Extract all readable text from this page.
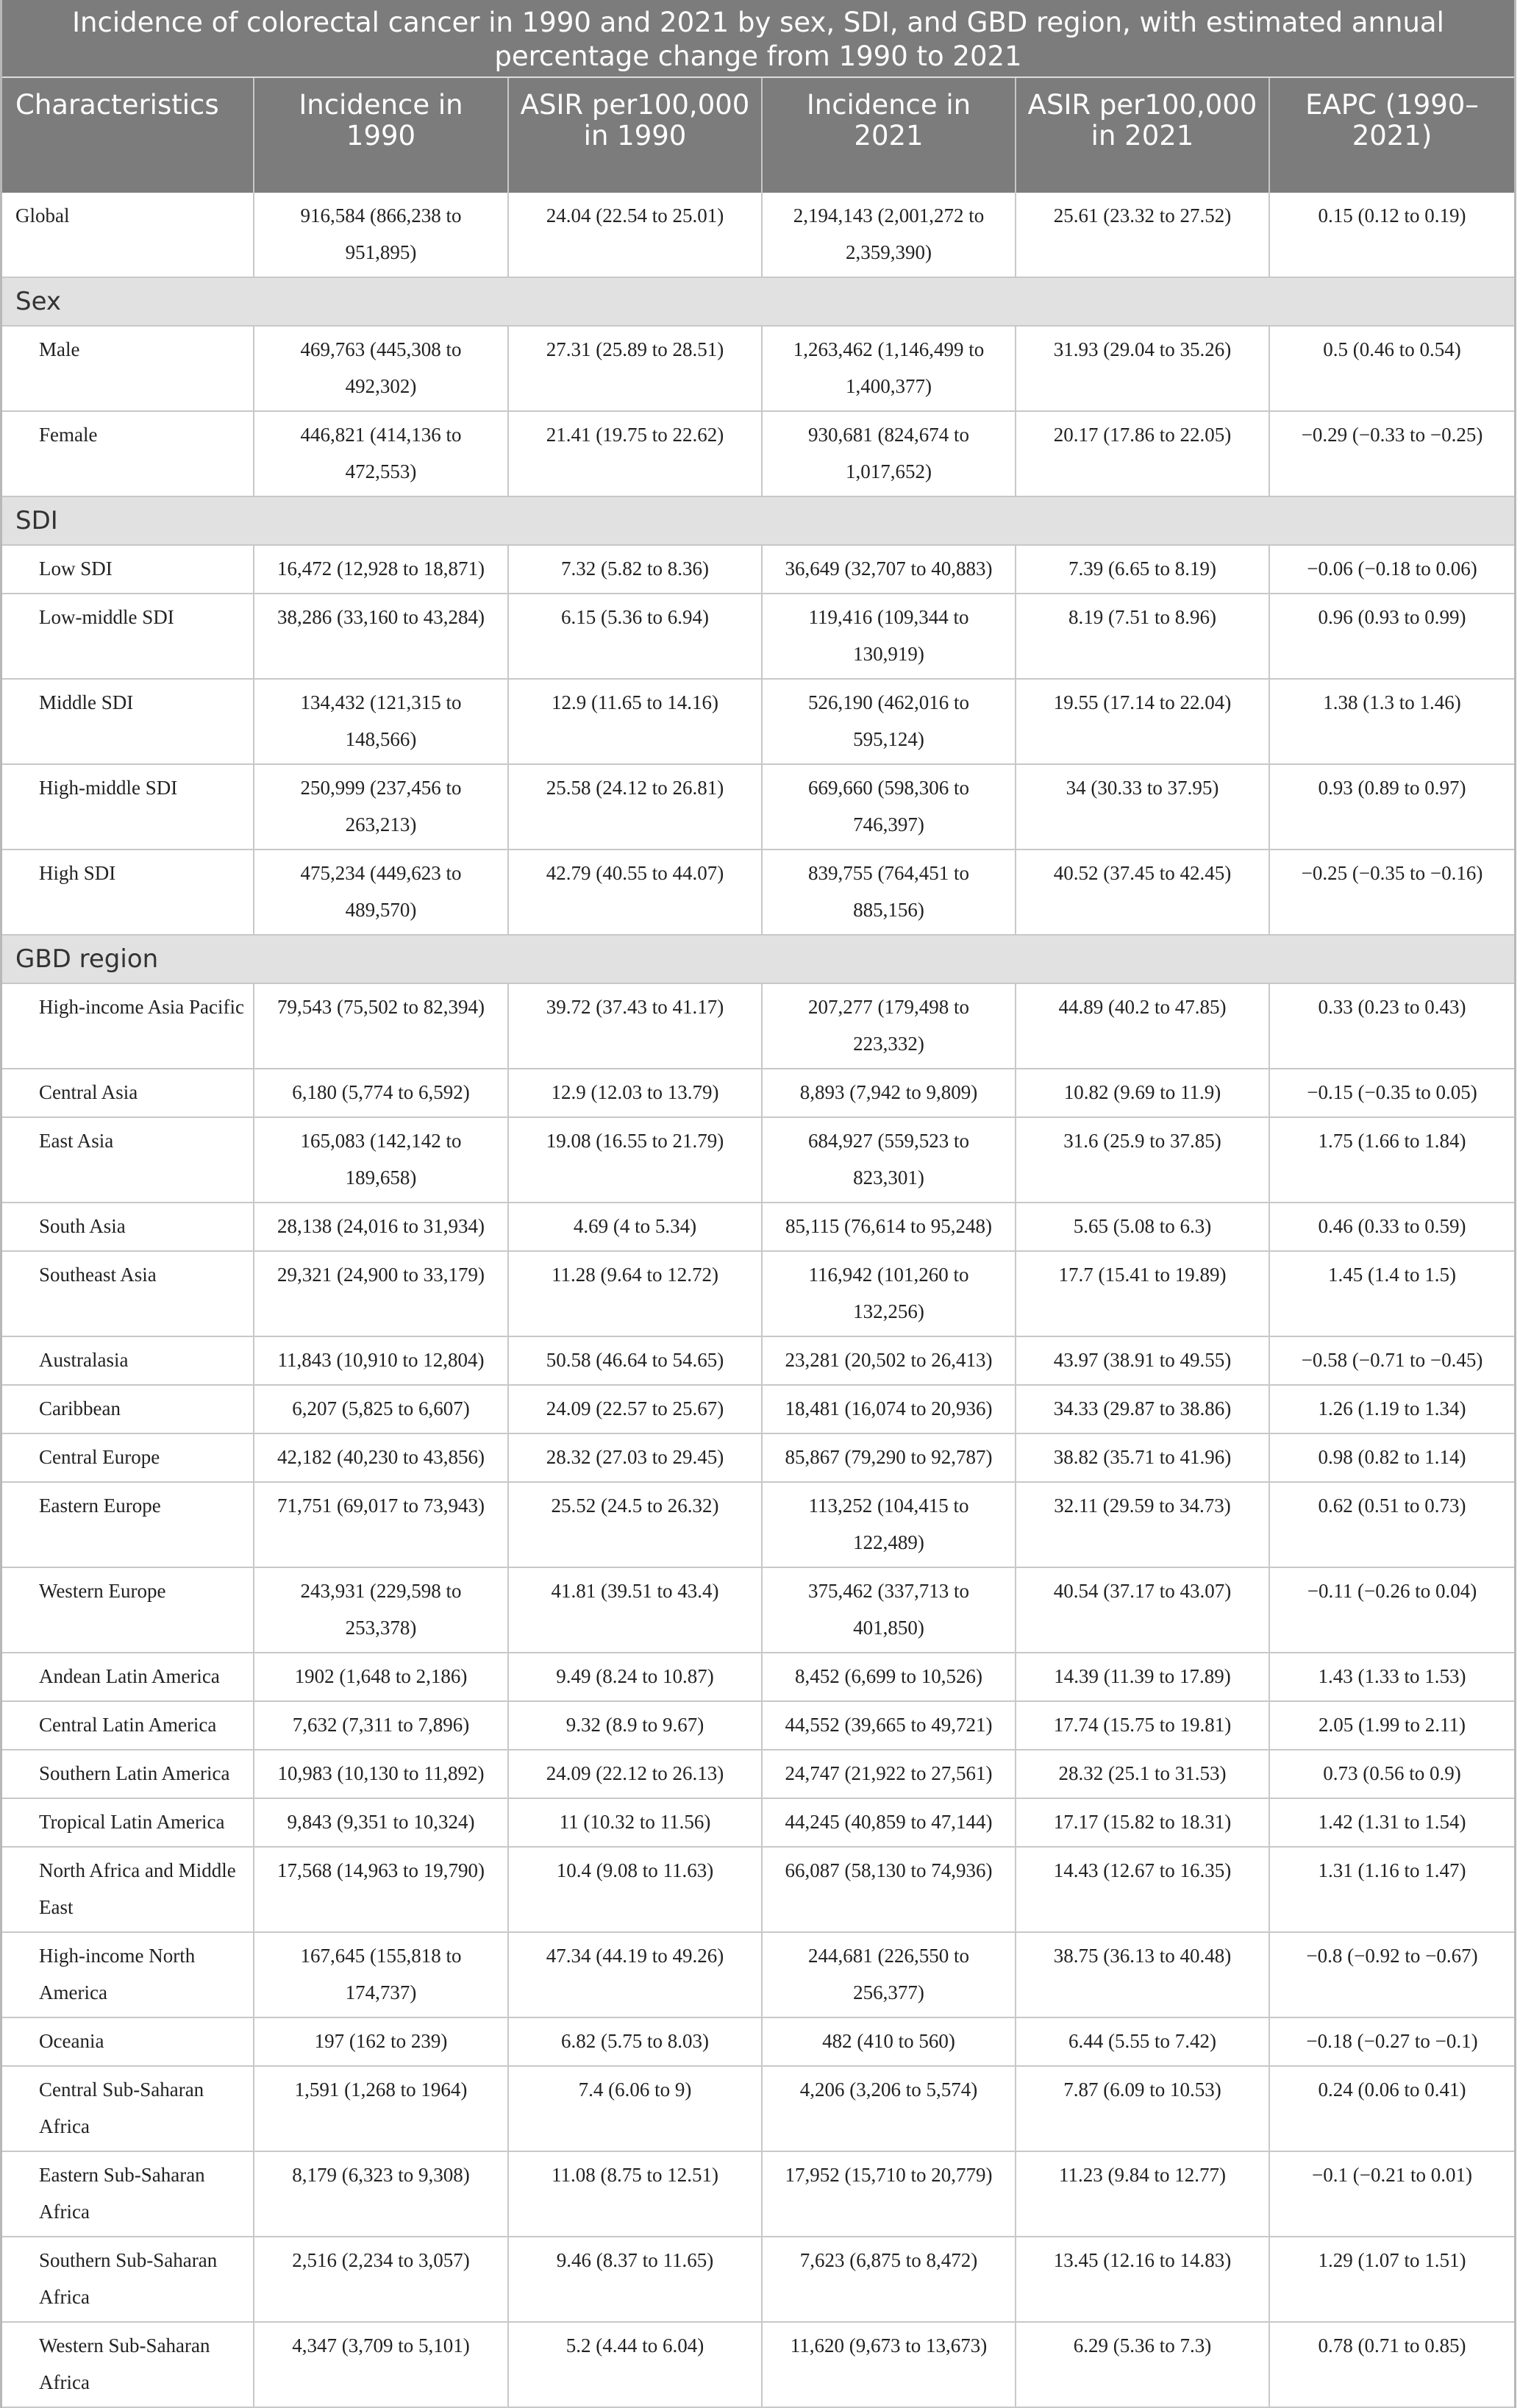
Incidence of colorectal cancer in 1990 and 2021 by sex, SDI, and GBD region, with estimated annual percentage change from 1990 to 2021
Characteristics	Incidence in 1990	ASIR per100,000 in 1990	Incidence in 2021	ASIR per100,000 in 2021	EAPC (1990–2021)
Global	916,584 (866,238 to 951,895)	24.04 (22.54 to 25.01)	2,194,143 (2,001,272 to 2,359,390)	25.61 (23.32 to 27.52)	0.15 (0.12 to 0.19)
Sex					
Male	469,763 (445,308 to 492,302)	27.31 (25.89 to 28.51)	1,263,462 (1,146,499 to 1,400,377)	31.93 (29.04 to 35.26)	0.5 (0.46 to 0.54)
Female	446,821 (414,136 to 472,553)	21.41 (19.75 to 22.62)	930,681 (824,674 to 1,017,652)	20.17 (17.86 to 22.05)	−0.29 (−0.33 to −0.25)
SDI					
Low SDI	16,472 (12,928 to 18,871)	7.32 (5.82 to 8.36)	36,649 (32,707 to 40,883)	7.39 (6.65 to 8.19)	−0.06 (−0.18 to 0.06)
Low-middle SDI	38,286 (33,160 to 43,284)	6.15 (5.36 to 6.94)	119,416 (109,344 to 130,919)	8.19 (7.51 to 8.96)	0.96 (0.93 to 0.99)
Middle SDI	134,432 (121,315 to 148,566)	12.9 (11.65 to 14.16)	526,190 (462,016 to 595,124)	19.55 (17.14 to 22.04)	1.38 (1.3 to 1.46)
High-middle SDI	250,999 (237,456 to 263,213)	25.58 (24.12 to 26.81)	669,660 (598,306 to 746,397)	34 (30.33 to 37.95)	0.93 (0.89 to 0.97)
High SDI	475,234 (449,623 to 489,570)	42.79 (40.55 to 44.07)	839,755 (764,451 to 885,156)	40.52 (37.45 to 42.45)	−0.25 (−0.35 to −0.16)
GBD region					
High-income Asia Pacific	79,543 (75,502 to 82,394)	39.72 (37.43 to 41.17)	207,277 (179,498 to 223,332)	44.89 (40.2 to 47.85)	0.33 (0.23 to 0.43)
Central Asia	6,180 (5,774 to 6,592)	12.9 (12.03 to 13.79)	8,893 (7,942 to 9,809)	10.82 (9.69 to 11.9)	−0.15 (−0.35 to 0.05)
East Asia	165,083 (142,142 to 189,658)	19.08 (16.55 to 21.79)	684,927 (559,523 to 823,301)	31.6 (25.9 to 37.85)	1.75 (1.66 to 1.84)
South Asia	28,138 (24,016 to 31,934)	4.69 (4 to 5.34)	85,115 (76,614 to 95,248)	5.65 (5.08 to 6.3)	0.46 (0.33 to 0.59)
Southeast Asia	29,321 (24,900 to 33,179)	11.28 (9.64 to 12.72)	116,942 (101,260 to 132,256)	17.7 (15.41 to 19.89)	1.45 (1.4 to 1.5)
Australasia	11,843 (10,910 to 12,804)	50.58 (46.64 to 54.65)	23,281 (20,502 to 26,413)	43.97 (38.91 to 49.55)	−0.58 (−0.71 to −0.45)
Caribbean	6,207 (5,825 to 6,607)	24.09 (22.57 to 25.67)	18,481 (16,074 to 20,936)	34.33 (29.87 to 38.86)	1.26 (1.19 to 1.34)
Central Europe	42,182 (40,230 to 43,856)	28.32 (27.03 to 29.45)	85,867 (79,290 to 92,787)	38.82 (35.71 to 41.96)	0.98 (0.82 to 1.14)
Eastern Europe	71,751 (69,017 to 73,943)	25.52 (24.5 to 26.32)	113,252 (104,415 to 122,489)	32.11 (29.59 to 34.73)	0.62 (0.51 to 0.73)
Western Europe	243,931 (229,598 to 253,378)	41.81 (39.51 to 43.4)	375,462 (337,713 to 401,850)	40.54 (37.17 to 43.07)	−0.11 (−0.26 to 0.04)
Andean Latin America	1902 (1,648 to 2,186)	9.49 (8.24 to 10.87)	8,452 (6,699 to 10,526)	14.39 (11.39 to 17.89)	1.43 (1.33 to 1.53)
Central Latin America	7,632 (7,311 to 7,896)	9.32 (8.9 to 9.67)	44,552 (39,665 to 49,721)	17.74 (15.75 to 19.81)	2.05 (1.99 to 2.11)
Southern Latin America	10,983 (10,130 to 11,892)	24.09 (22.12 to 26.13)	24,747 (21,922 to 27,561)	28.32 (25.1 to 31.53)	0.73 (0.56 to 0.9)
Tropical Latin America	9,843 (9,351 to 10,324)	11 (10.32 to 11.56)	44,245 (40,859 to 47,144)	17.17 (15.82 to 18.31)	1.42 (1.31 to 1.54)
North Africa and Middle East	17,568 (14,963 to 19,790)	10.4 (9.08 to 11.63)	66,087 (58,130 to 74,936)	14.43 (12.67 to 16.35)	1.31 (1.16 to 1.47)
High-income North America	167,645 (155,818 to 174,737)	47.34 (44.19 to 49.26)	244,681 (226,550 to 256,377)	38.75 (36.13 to 40.48)	−0.8 (−0.92 to −0.67)
Oceania	197 (162 to 239)	6.82 (5.75 to 8.03)	482 (410 to 560)	6.44 (5.55 to 7.42)	−0.18 (−0.27 to −0.1)
Central Sub-Saharan Africa	1,591 (1,268 to 1964)	7.4 (6.06 to 9)	4,206 (3,206 to 5,574)	7.87 (6.09 to 10.53)	0.24 (0.06 to 0.41)
Eastern Sub-Saharan Africa	8,179 (6,323 to 9,308)	11.08 (8.75 to 12.51)	17,952 (15,710 to 20,779)	11.23 (9.84 to 12.77)	−0.1 (−0.21 to 0.01)
Southern Sub-Saharan Africa	2,516 (2,234 to 3,057)	9.46 (8.37 to 11.65)	7,623 (6,875 to 8,472)	13.45 (12.16 to 14.83)	1.29 (1.07 to 1.51)
Western Sub-Saharan Africa	4,347 (3,709 to 5,101)	5.2 (4.44 to 6.04)	11,620 (9,673 to 13,673)	6.29 (5.36 to 7.3)	0.78 (0.71 to 0.85)
